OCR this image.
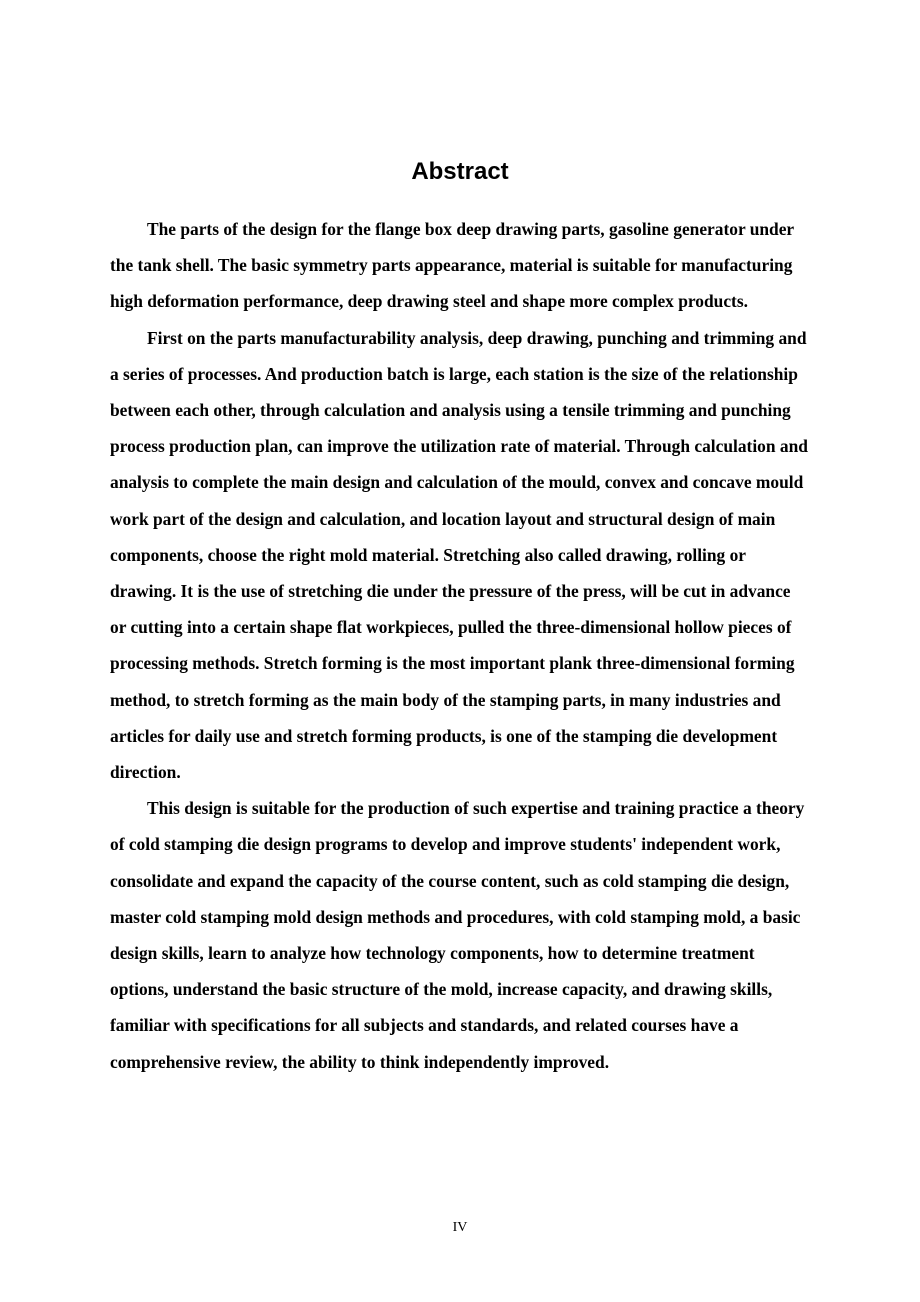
Abstract

The parts of the design for the flange box deep drawing parts, gasoline generator under the tank shell. The basic symmetry parts appearance, material is suitable for manufacturing high deformation performance, deep drawing steel and shape more complex products.

First on the parts manufacturability analysis, deep drawing, punching and trimming and a series of processes. And production batch is large, each station is the size of the relationship between each other, through calculation and analysis using a tensile trimming and punching process production plan, can improve the utilization rate of material. Through calculation and analysis to complete the main design and calculation of the mould, convex and concave mould work part of the design and calculation, and location layout and structural design of main components, choose the right mold material. Stretching also called drawing, rolling or drawing. It is the use of stretching die under the pressure of the press, will be cut in advance or cutting into a certain shape flat workpieces, pulled the three-dimensional hollow pieces of processing methods. Stretch forming is the most important plank three-dimensional forming method, to stretch forming as the main body of the stamping parts, in many industries and articles for daily use and stretch forming products, is one of the stamping die development direction.

This design is suitable for the production of such expertise and training practice a theory of cold stamping die design programs to develop and improve students' independent work, consolidate and expand the capacity of the course content, such as cold stamping die design, master cold stamping mold design methods and procedures, with cold stamping mold, a basic design skills, learn to analyze how technology components, how to determine treatment options, understand the basic structure of the mold, increase capacity, and drawing skills, familiar with specifications for all subjects and standards, and related courses have a comprehensive review, the ability to think independently improved.

IV
